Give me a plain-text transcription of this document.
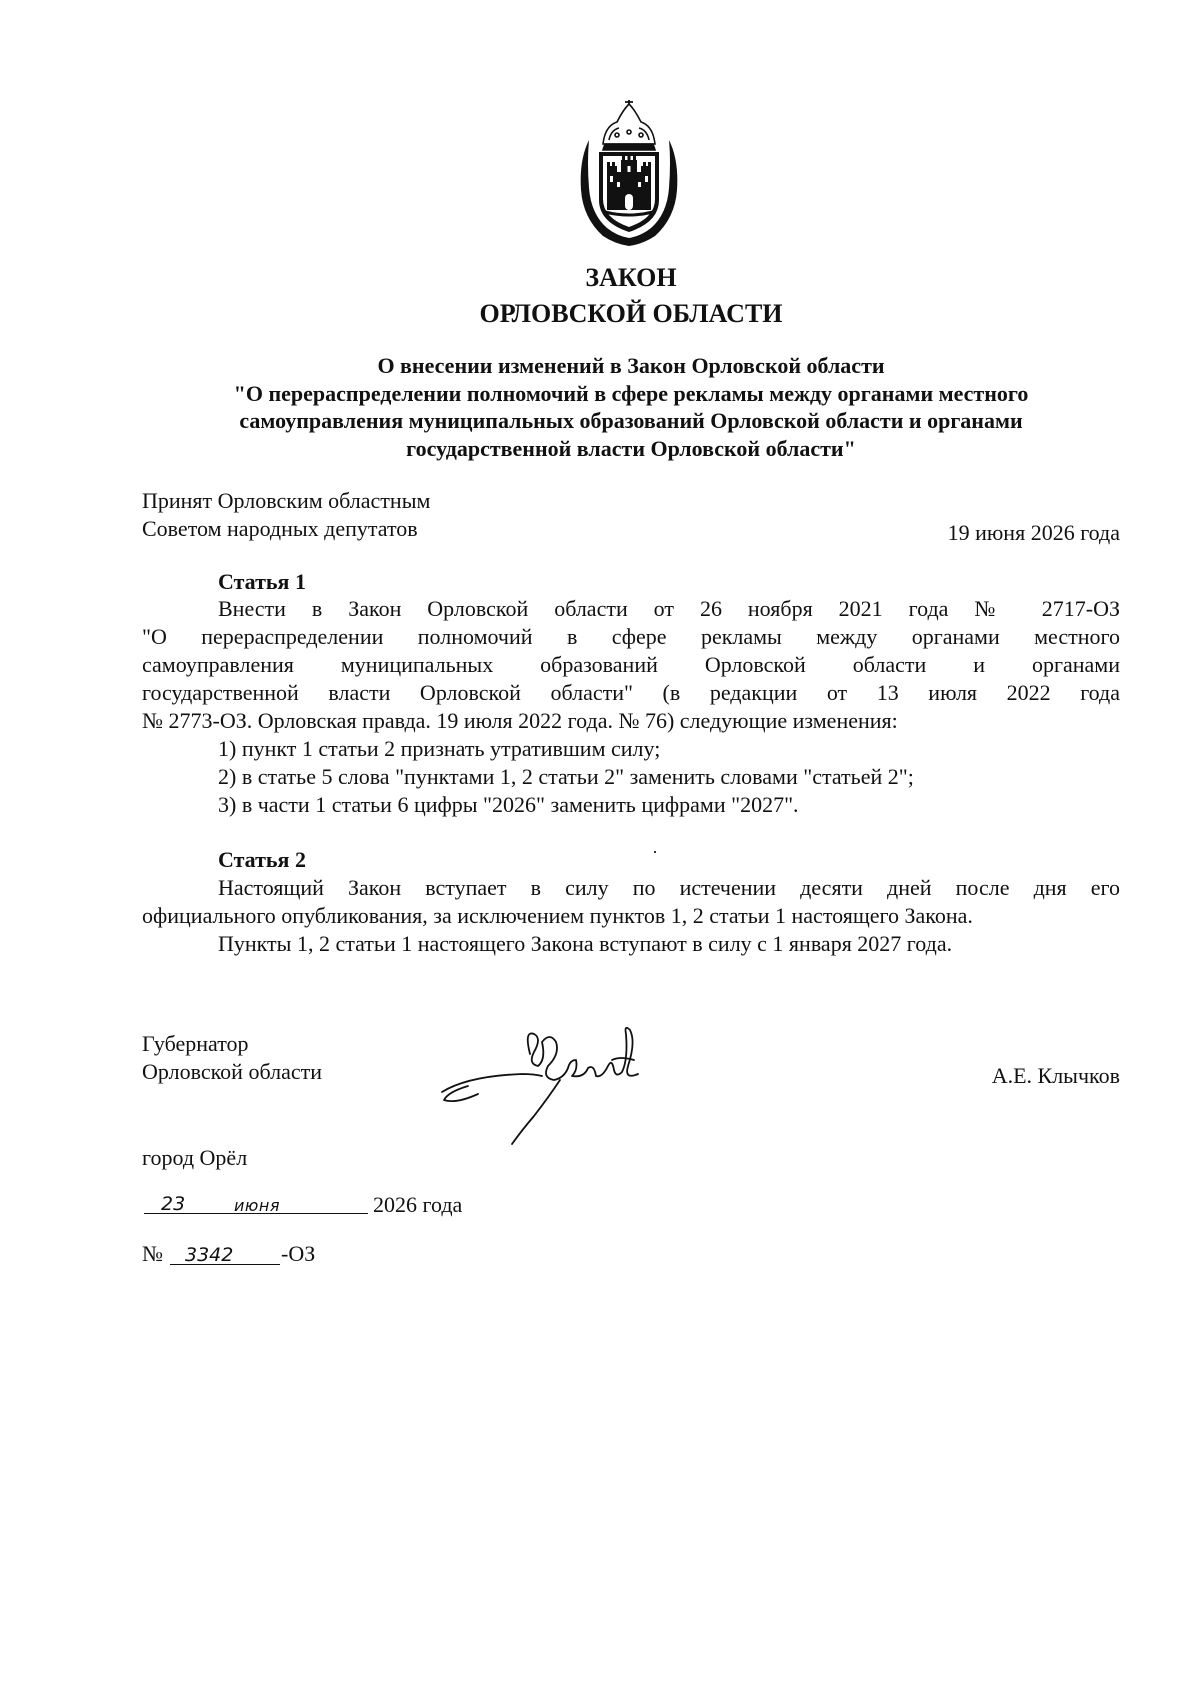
ЗАКОН
ОРЛОВСКОЙ ОБЛАСТИ
О внесении изменений в Закон Орловской области
"О перераспределении полномочий в сфере рекламы между органами местного
самоуправления муниципальных образований Орловской области и органами
государственной власти Орловской области"
Принят Орловским областным
Советом народных депутатов	19 июня 2026 года
Статья 1
Внести в Закон Орловской области от 26 ноября 2021 года № 2717-ОЗ
"О перераспределении полномочий в сфере рекламы между органами местного
самоуправления муниципальных образований Орловской области и органами
государственной власти Орловской области" (в редакции от 13 июля 2022 года
№ 2773-ОЗ. Орловская правда. 19 июля 2022 года. № 76) следующие изменения:
1) пункт 1 статьи 2 признать утратившим силу;
2) в статье 5 слова "пунктами 1, 2 статьи 2" заменить словами "статьей 2";
3) в части 1 статьи 6 цифры "2026" заменить цифрами "2027".
Статья 2
Настоящий Закон вступает в силу по истечении десяти дней после дня его
официального опубликования, за исключением пунктов 1, 2 статьи 1 настоящего Закона.
Пункты 1, 2 статьи 1 настоящего Закона вступают в силу с 1 января 2027 года.
Губернатор
Орловской области	А.Е. Клычков
город Орёл
23	июня	2026 года
№ 3342 -ОЗ
